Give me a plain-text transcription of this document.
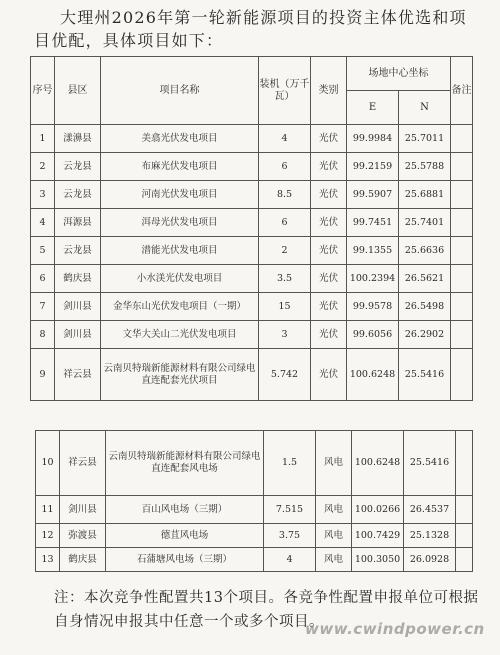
大理州2026年第一轮新能源项目的投资主体优选和项目优配，具体项目如下：

序号	县区	项目名称	装机（万千瓦）	类别	场地中心坐标		备注
					E	N	
1	漾濞县	美翕光伏发电项目	4	光伏	99.9984	25.7011	
2	云龙县	布麻光伏发电项目	6	光伏	99.2159	25.5788	
3	云龙县	河南光伏发电项目	8.5	光伏	99.5907	25.6881	
4	洱源县	洱母光伏发电项目	6	光伏	99.7451	25.7401	
5	云龙县	潽能光伏发电项目	2	光伏	99.1355	25.6636	
6	鹤庆县	小水渼光伏发电项目	3.5	光伏	100.2394	26.5621	
7	剑川县	金华东山光伏发电项目（一期）	15	光伏	99.9578	26.5498	
8	剑川县	文华大关山二光伏发电项目	3	光伏	99.6056	26.2902	
9	祥云县	云南贝特瑞新能源材料有限公司绿电直连配套光伏项目	5.742	光伏	100.6248	25.5416	
10	祥云县	云南贝特瑞新能源材料有限公司绿电直连配套风电场	1.5	风电	100.6248	25.5416	
11	剑川县	百山风电场（三期）	7.515	风电	100.0266	26.4537	
12	弥渡县	德苴风电场	3.75	风电	100.7429	25.1328	
13	鹤庆县	石蒲塘风电场（三期）	4	风电	100.3050	26.0928	

注：本次竞争性配置共13个项目。各竞争性配置申报单位可根据自身情况申报其中任意一个或多个项目。

www.cwindpower.cn
